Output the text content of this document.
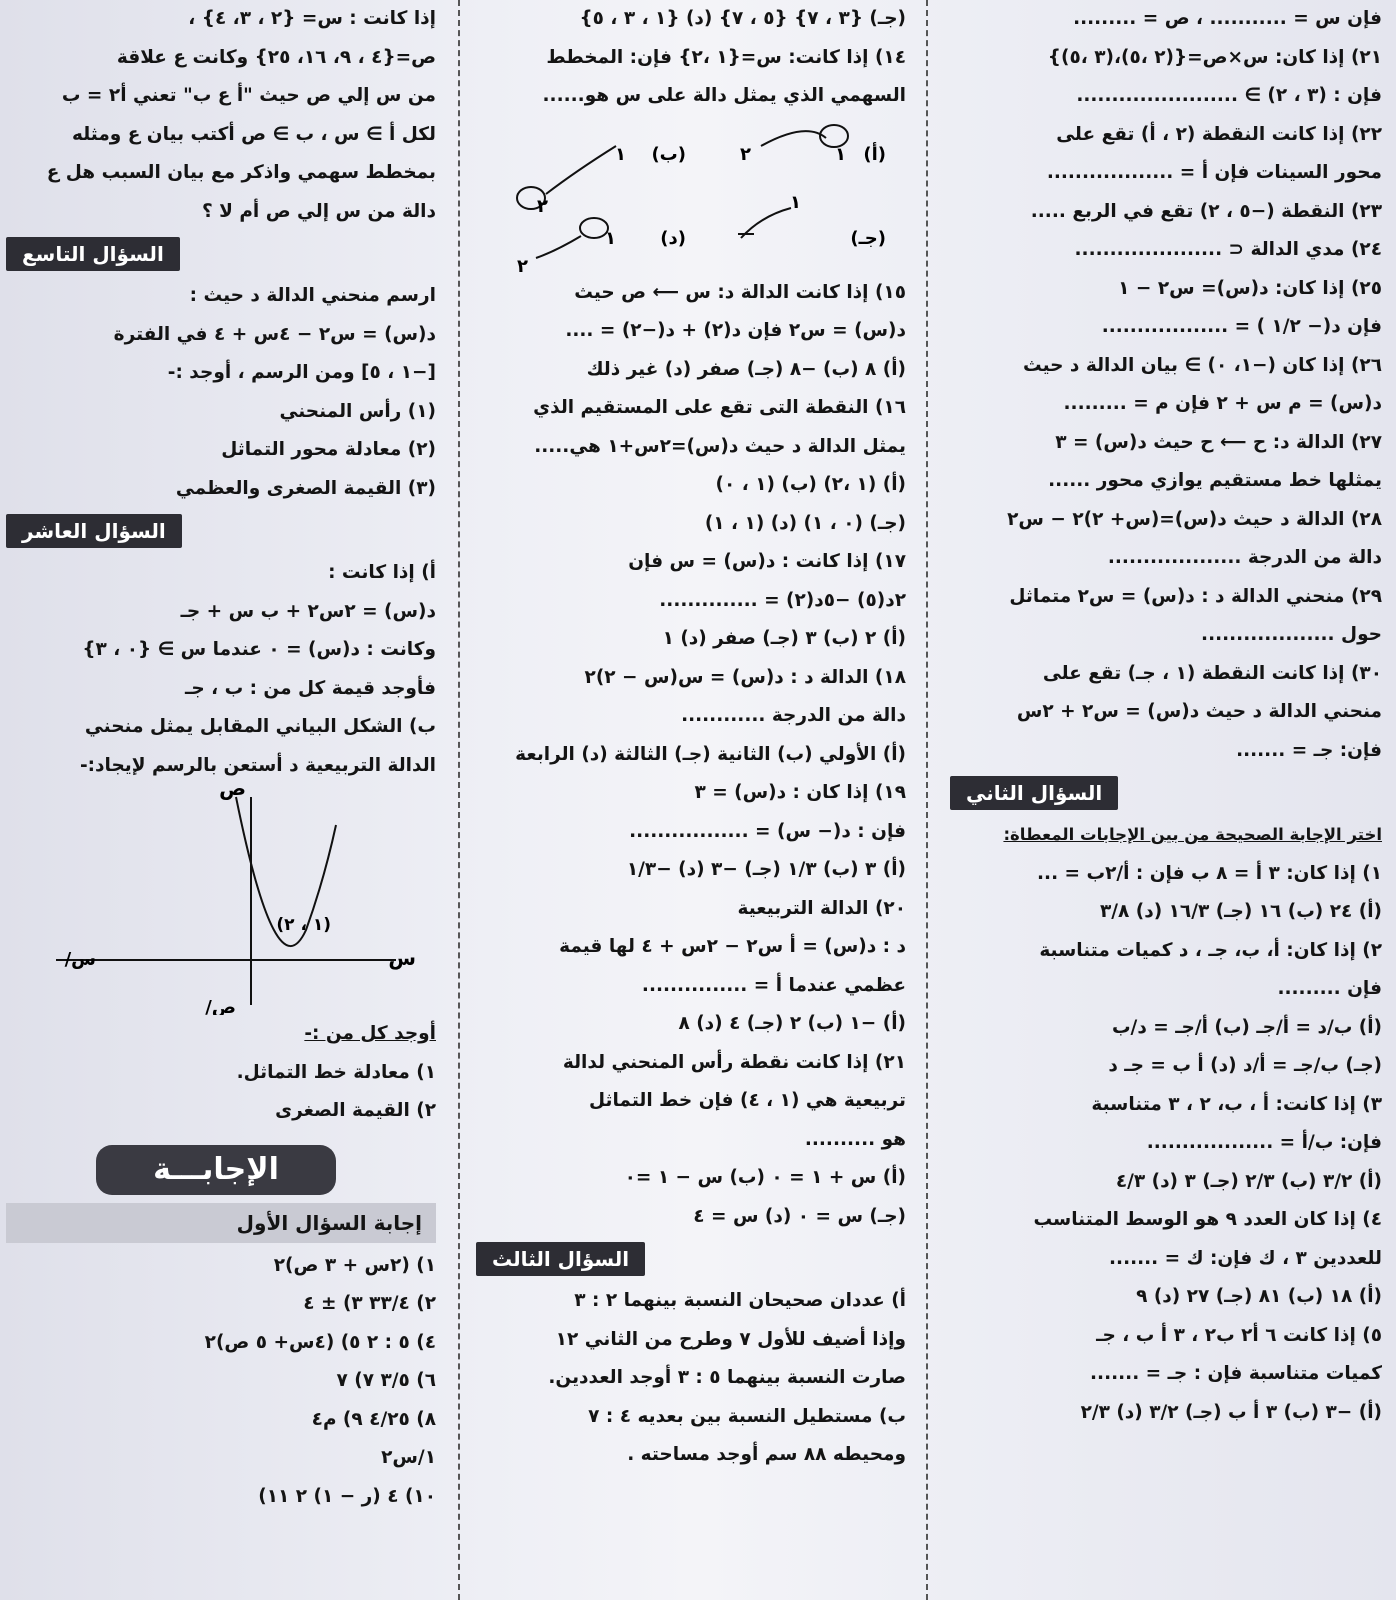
فإن س = ........... ، ص = .........
٢١) إذا كان: س×ص={(٢ ،٥)،(٣ ،٥)}
فإن : (٣ ، ٢) ∋ .......................
٢٢) إذا كانت النقطة (٢ ، أ) تقع على
محور السينات فإن أ = ..................
٢٣) النقطة (−٥ ، ٢) تقع في الربع .....
٢٤) مدي الدالة ⊂ .....................
٢٥) إذا كان: د(س)= س٢ − ١
فإن د(− ١/٢ ) = ..................
٢٦) إذا كان (−١، ٠) ∋ بيان الدالة د حيث
د(س) = م س + ٢ فإن م = .........
٢٧) الدالة د: ح ⟵ ح حيث د(س) = ٣
يمثلها خط مستقيم يوازي محور ......
٢٨) الدالة د حيث د(س)=(س+ ٢)٢ − س٢
دالة من الدرجة ...................
٢٩) منحني الدالة د : د(س) = س٢ متماثل
حول ...................
٣٠) إذا كانت النقطة (١ ، جـ) تقع على
منحني الدالة د حيث د(س) = س٢ + ٢س
فإن: جـ = .......
السؤال الثاني
اختر الإجابة الصحيحة من بين الإجابات المعطاة:
١) إذا كان: ٣ أ = ٨ ب فإن : أ/٢ب = ...
(أ) ٢٤ (ب) ١٦ (جـ) ١٦/٣ (د) ٣/٨
٢) إذا كان: أ، ب، جـ ، د كميات متناسبة
فإن .........
(أ) ب/د = أ/جـ (ب) أ/جـ = د/ب
(جـ) ب/جـ = أ/د (د) أ ب = جـ د
٣) إذا كانت: أ ، ب، ٢ ، ٣ متناسبة
فإن: ب/أ = ..................
(أ) ٣/٢ (ب) ٢/٣ (جـ) ٣ (د) ٤/٣
٤) إذا كان العدد ٩ هو الوسط المتناسب
للعددين ٣ ، ك فإن: ك = .......
(أ) ١٨ (ب) ٨١ (جـ) ٢٧ (د) ٩
٥) إذا كانت ٦ أ٢ ب٢ ، ٣ أ ب ، جـ
كميات متناسبة فإن : جـ = .......
(أ) −٣ (ب) ٣ أ ب (جـ) ٣/٢ (د) ٢/٣
(جـ) {٣ ، ٧} {٥ ، ٧} (د) {١ ، ٣ ، ٥}
١٤) إذا كانت: س={١ ،٢} فإن: المخطط
السهمي الذي يمثل دالة على س هو......
(أ)
١
٢
(ب)
١
٢
(جـ)
١
(د)
١
٢
١٥) إذا كانت الدالة د: س ⟵ ص حيث
د(س) = س٢ فإن د(٢) + د(−٢) = ....
(أ) ٨ (ب) −٨ (جـ) صفر (د) غير ذلك
١٦) النقطة التى تقع على المستقيم الذي
يمثل الدالة د حيث د(س)=٢س+١ هي.....
(أ) (١ ،٢) (ب) (١ ، ٠)
(جـ) (٠ ، ١) (د) (١ ، ١)
١٧) إذا كانت : د(س) = س فإن
٢د(٥) −٥د(٢) = ..............
(أ) ٢ (ب) ٣ (جـ) صفر (د) ١
١٨) الدالة د : د(س) = س(س − ٢)٢
دالة من الدرجة ............
(أ) الأولي (ب) الثانية (جـ) الثالثة (د) الرابعة
١٩) إذا كان : د(س) = ٣
فإن : د(− س) = .................
(أ) ٣ (ب) ١/٣ (جـ) −٣ (د) −١/٣
٢٠) الدالة التربيعية
د : د(س) = أ س٢ − ٢س + ٤ لها قيمة
عظمي عندما أ = ...............
(أ) −١ (ب) ٢ (جـ) ٤ (د) ٨
٢١) إذا كانت نقطة رأس المنحني لدالة
تربيعية هي (١ ، ٤) فإن خط التماثل
هو ..........
(أ) س + ١ = ٠ (ب) س − ١ =٠
(جـ) س = ٠ (د) س = ٤
السؤال الثالث
أ) عددان صحيحان النسبة بينهما ٢ : ٣
وإذا أضيف للأول ٧ وطرح من الثاني ١٢
صارت النسبة بينهما ٥ : ٣ أوجد العددين.
ب) مستطيل النسبة بين بعديه ٤ : ٧
ومحيطه ٨٨ سم أوجد مساحته .
إذا كانت : س= {٢ ، ٣، ٤} ،
ص={٤ ، ٩، ١٦، ٢٥} وكانت ع علاقة
من س إلي ص حيث "أ ع ب" تعني أ٢ = ب
لكل أ ∋ س ، ب ∋ ص أكتب بيان ع ومثله
بمخطط سهمي واذكر مع بيان السبب هل ع
دالة من س إلي ص أم لا ؟
السؤال التاسع
ارسم منحني الدالة د حيث :
د(س) = س٢ − ٤س + ٤ في الفترة
[−١ ، ٥] ومن الرسم ، أوجد :-
(١) رأس المنحني
(٢) معادلة محور التماثل
(٣) القيمة الصغرى والعظمي
السؤال العاشر
أ) إذا كانت :
د(س) = ٢س٢ + ب س + جـ
وكانت : د(س) = ٠ عندما س ∋ {٠ ، ٣}
فأوجد قيمة كل من : ب ، جـ
ب) الشكل البياني المقابل يمثل منحني
الدالة التربيعية د أستعن بالرسم لإيجاد:-
ص
ص/
س
س/
(١ ، ٢)
أوجد كل من :-
١) معادلة خط التماثل.
٢) القيمة الصغرى
الإجابـــة
إجابة السؤال الأول
١) (٢س + ٣ ص)٢
٢) ٣٣/٤ ٣) ± ٤
٤) ٥ : ٢ ٥) (٤س+ ٥ ص)٢
٦) ٣/٥ ٧) ٧
٨) ٤/٢٥ ٩) م٤
١/س٢
١٠) ٤ (ر − ١) ٢ ١١)
